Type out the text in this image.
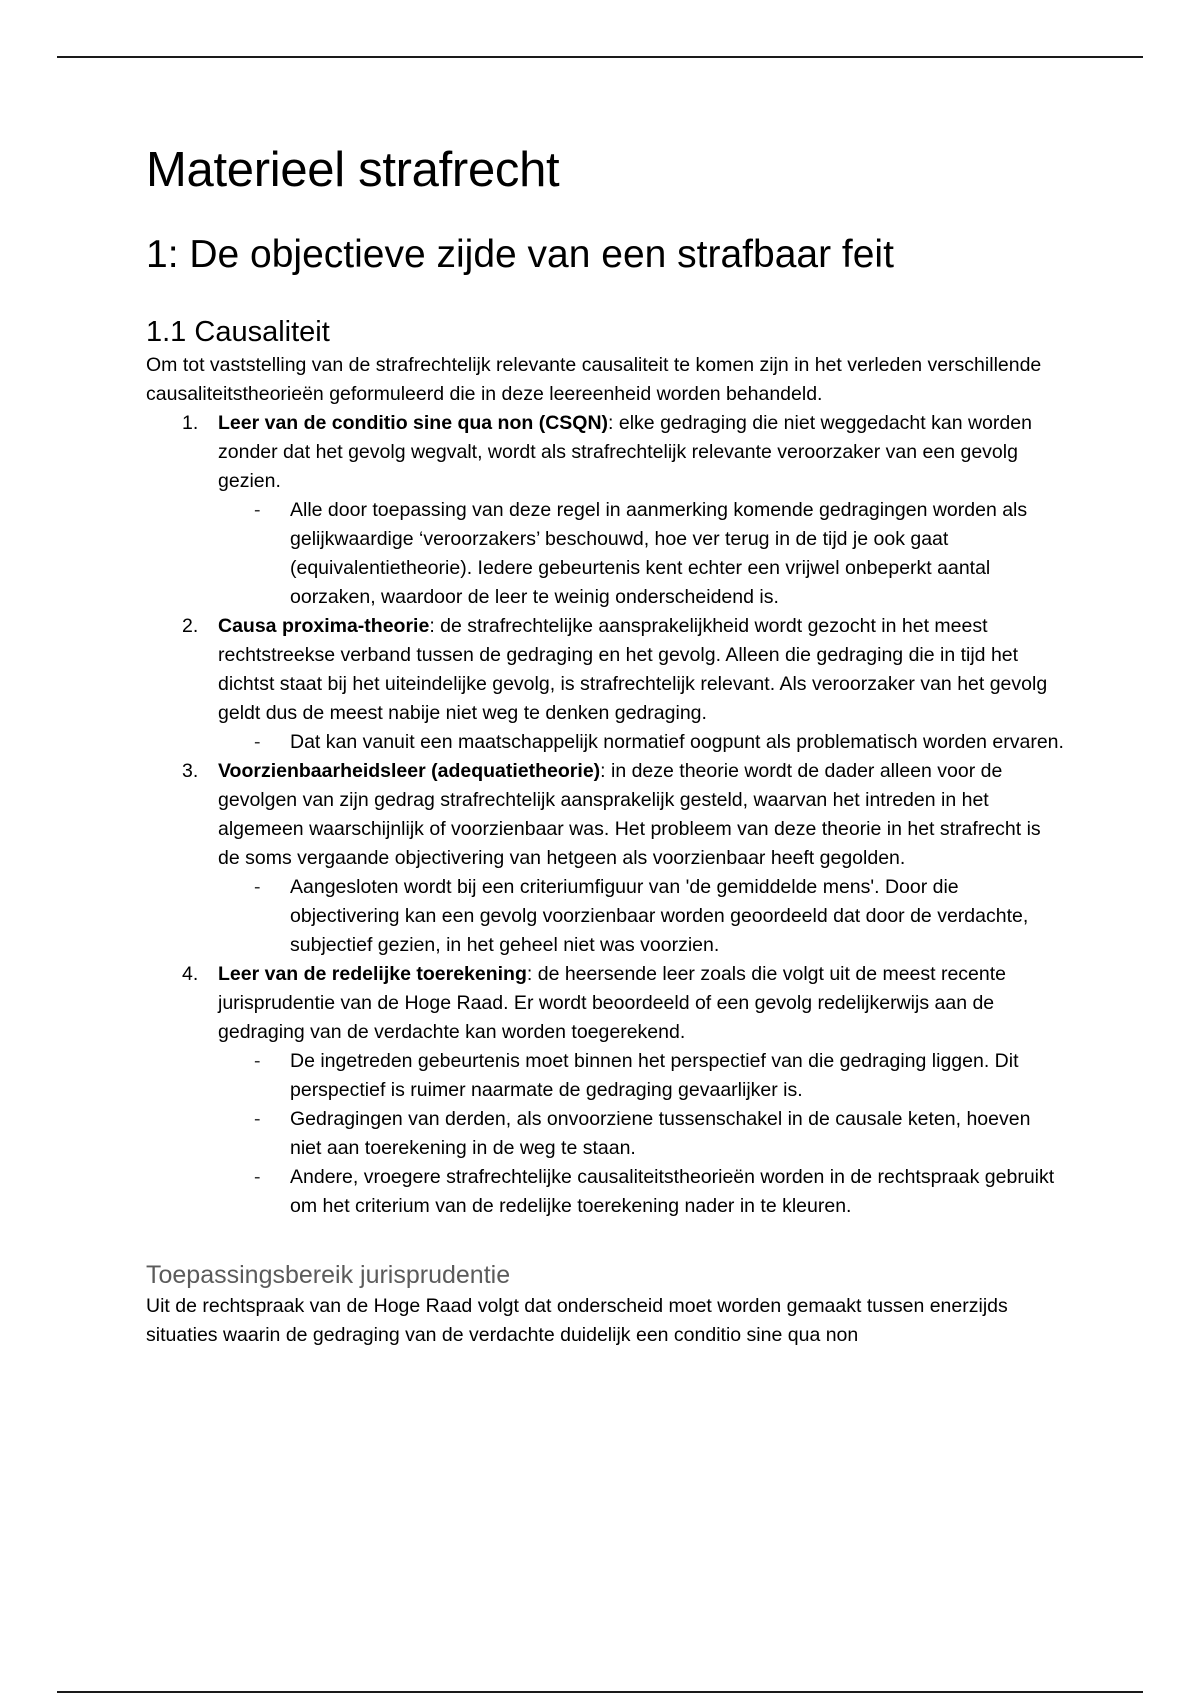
Materieel strafrecht
1: De objectieve zijde van een strafbaar feit
1.1 Causaliteit

Om tot vaststelling van de strafrechtelijk relevante causaliteit te komen zijn in het verleden verschillende causaliteitstheorieën geformuleerd die in deze leereenheid worden behandeld.

1. Leer van de conditio sine qua non (CSQN): elke gedraging die niet weggedacht kan worden zonder dat het gevolg wegvalt, wordt als strafrechtelijk relevante veroorzaker van een gevolg gezien.
- Alle door toepassing van deze regel in aanmerking komende gedragingen worden als gelijkwaardige ‘veroorzakers’ beschouwd, hoe ver terug in de tijd je ook gaat (equivalentietheorie). Iedere gebeurtenis kent echter een vrijwel onbeperkt aantal oorzaken, waardoor de leer te weinig onderscheidend is.
2. Causa proxima-theorie: de strafrechtelijke aansprakelijkheid wordt gezocht in het meest rechtstreekse verband tussen de gedraging en het gevolg. Alleen die gedraging die in tijd het dichtst staat bij het uiteindelijke gevolg, is strafrechtelijk relevant. Als veroorzaker van het gevolg geldt dus de meest nabije niet weg te denken gedraging.
- Dat kan vanuit een maatschappelijk normatief oogpunt als problematisch worden ervaren.
3. Voorzienbaarheidsleer (adequatietheorie): in deze theorie wordt de dader alleen voor de gevolgen van zijn gedrag strafrechtelijk aansprakelijk gesteld, waarvan het intreden in het algemeen waarschijnlijk of voorzienbaar was. Het probleem van deze theorie in het strafrecht is de soms vergaande objectivering van hetgeen als voorzienbaar heeft gegolden.
- Aangesloten wordt bij een criteriumfiguur van 'de gemiddelde mens'. Door die objectivering kan een gevolg voorzienbaar worden geoordeeld dat door de verdachte, subjectief gezien, in het geheel niet was voorzien.
4. Leer van de redelijke toerekening: de heersende leer zoals die volgt uit de meest recente jurisprudentie van de Hoge Raad. Er wordt beoordeeld of een gevolg redelijkerwijs aan de gedraging van de verdachte kan worden toegerekend.
- De ingetreden gebeurtenis moet binnen het perspectief van die gedraging liggen. Dit perspectief is ruimer naarmate de gedraging gevaarlijker is.
- Gedragingen van derden, als onvoorziene tussenschakel in de causale keten, hoeven niet aan toerekening in de weg te staan.
- Andere, vroegere strafrechtelijke causaliteitstheorieën worden in de rechtspraak gebruikt om het criterium van de redelijke toerekening nader in te kleuren.
Toepassingsbereik jurisprudentie

Uit de rechtspraak van de Hoge Raad volgt dat onderscheid moet worden gemaakt tussen enerzijds situaties waarin de gedraging van de verdachte duidelijk een conditio sine qua non
